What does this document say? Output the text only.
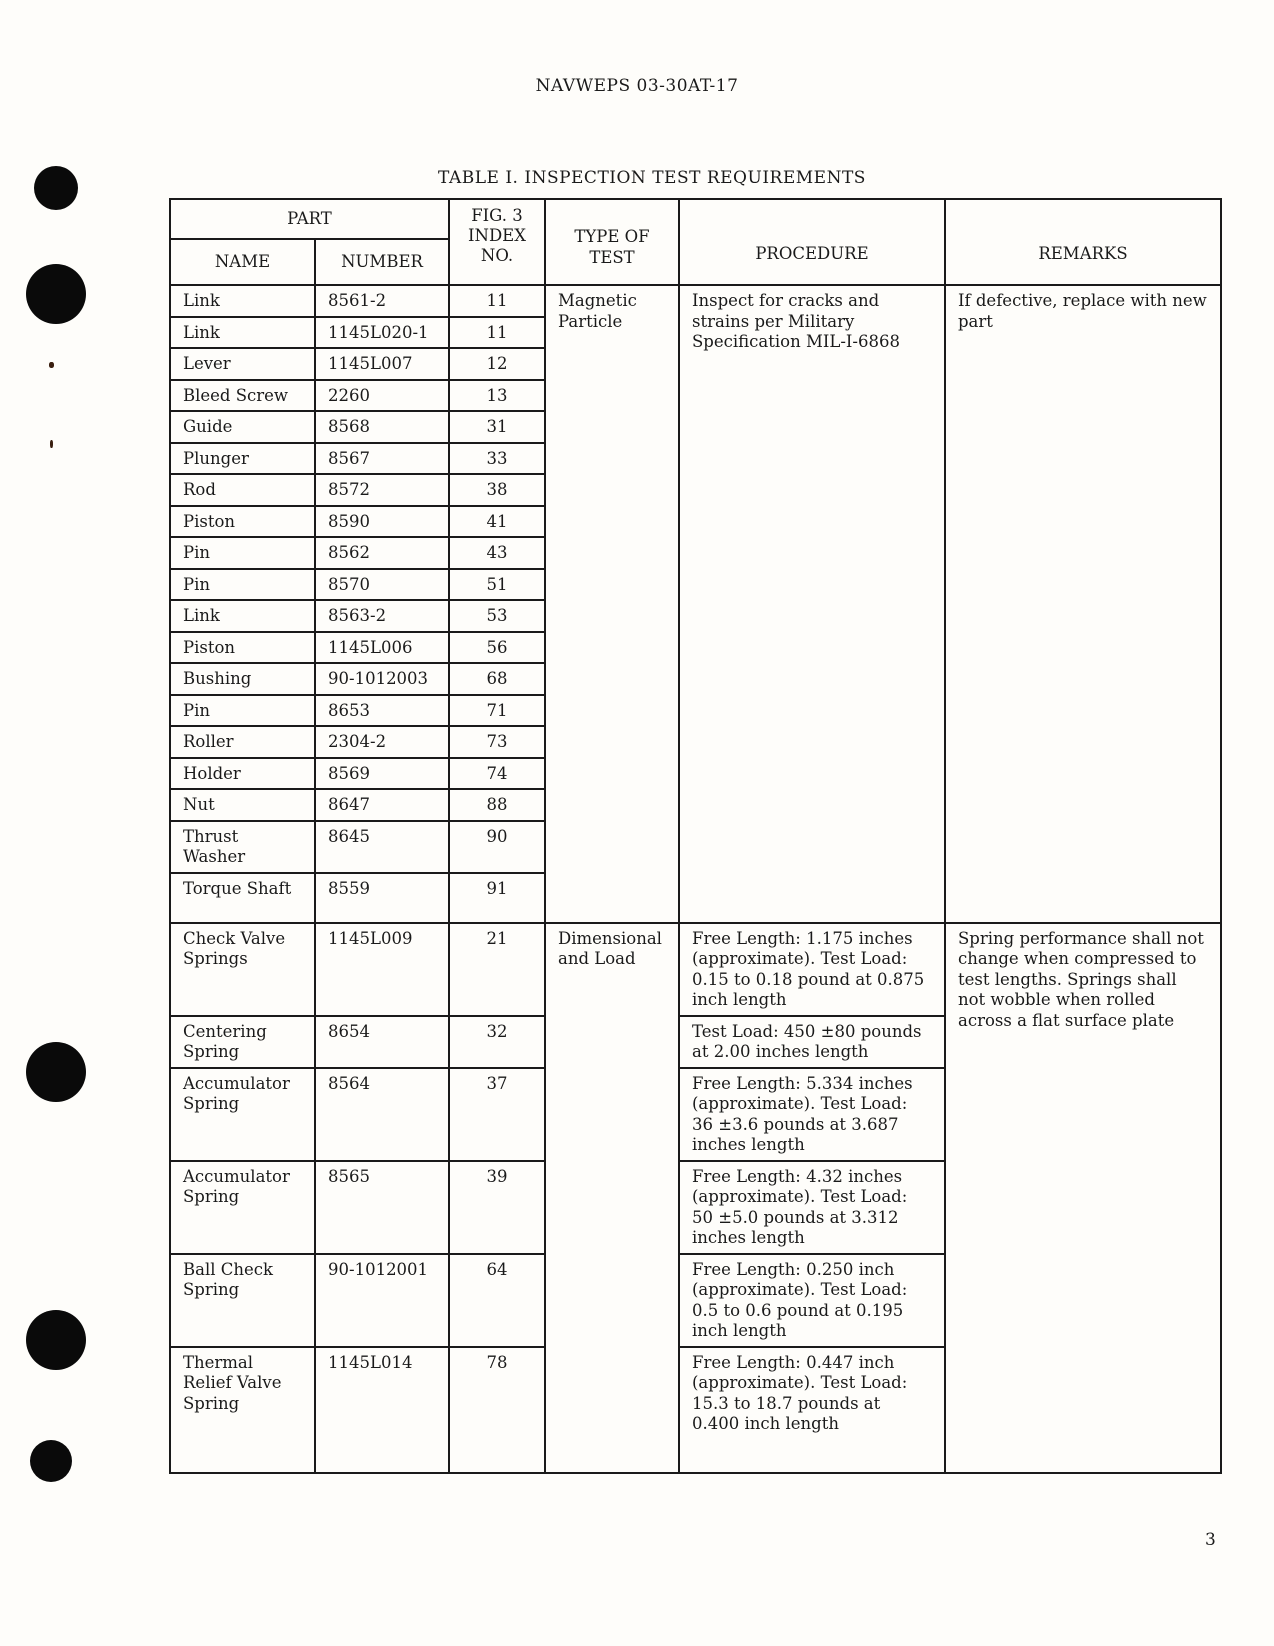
NAVWEPS 03-30AT-17
TABLE I. INSPECTION TEST REQUIREMENTS
PART		FIG. 3 INDEX NO.	TYPE OF TEST	PROCEDURE	REMARKS
NAME	NUMBER				
Link	8561-2	11	Magnetic Particle	Inspect for cracks and strains per Military Specification MIL-I-6868	If defective, replace with new part
Link	1145L020-1	11			
Lever	1145L007	12			
Bleed Screw	2260	13			
Guide	8568	31			
Plunger	8567	33			
Rod	8572	38			
Piston	8590	41			
Pin	8562	43			
Pin	8570	51			
Link	8563-2	53			
Piston	1145L006	56			
Bushing	90-1012003	68			
Pin	8653	71			
Roller	2304-2	73			
Holder	8569	74			
Nut	8647	88			
Thrust Washer	8645	90			
Torque Shaft	8559	91			
Check Valve Springs	1145L009	21	Dimensional and Load	Free Length: 1.175 inches (approximate). Test Load: 0.15 to 0.18 pound at 0.875 inch length	Spring performance shall not change when compressed to test lengths. Springs shall not wobble when rolled across a flat surface plate
Centering Spring	8654	32		Test Load: 450 ±80 pounds at 2.00 inches length	
Accumulator Spring	8564	37		Free Length: 5.334 inches (approximate). Test Load: 36 ±3.6 pounds at 3.687 inches length	
Accumulator Spring	8565	39		Free Length: 4.32 inches (approximate). Test Load: 50 ±5.0 pounds at 3.312 inches length	
Ball Check Spring	90-1012001	64		Free Length: 0.250 inch (approximate). Test Load: 0.5 to 0.6 pound at 0.195 inch length	
Thermal Relief Valve Spring	1145L014	78		Free Length: 0.447 inch (approximate). Test Load: 15.3 to 18.7 pounds at 0.400 inch length	
3
